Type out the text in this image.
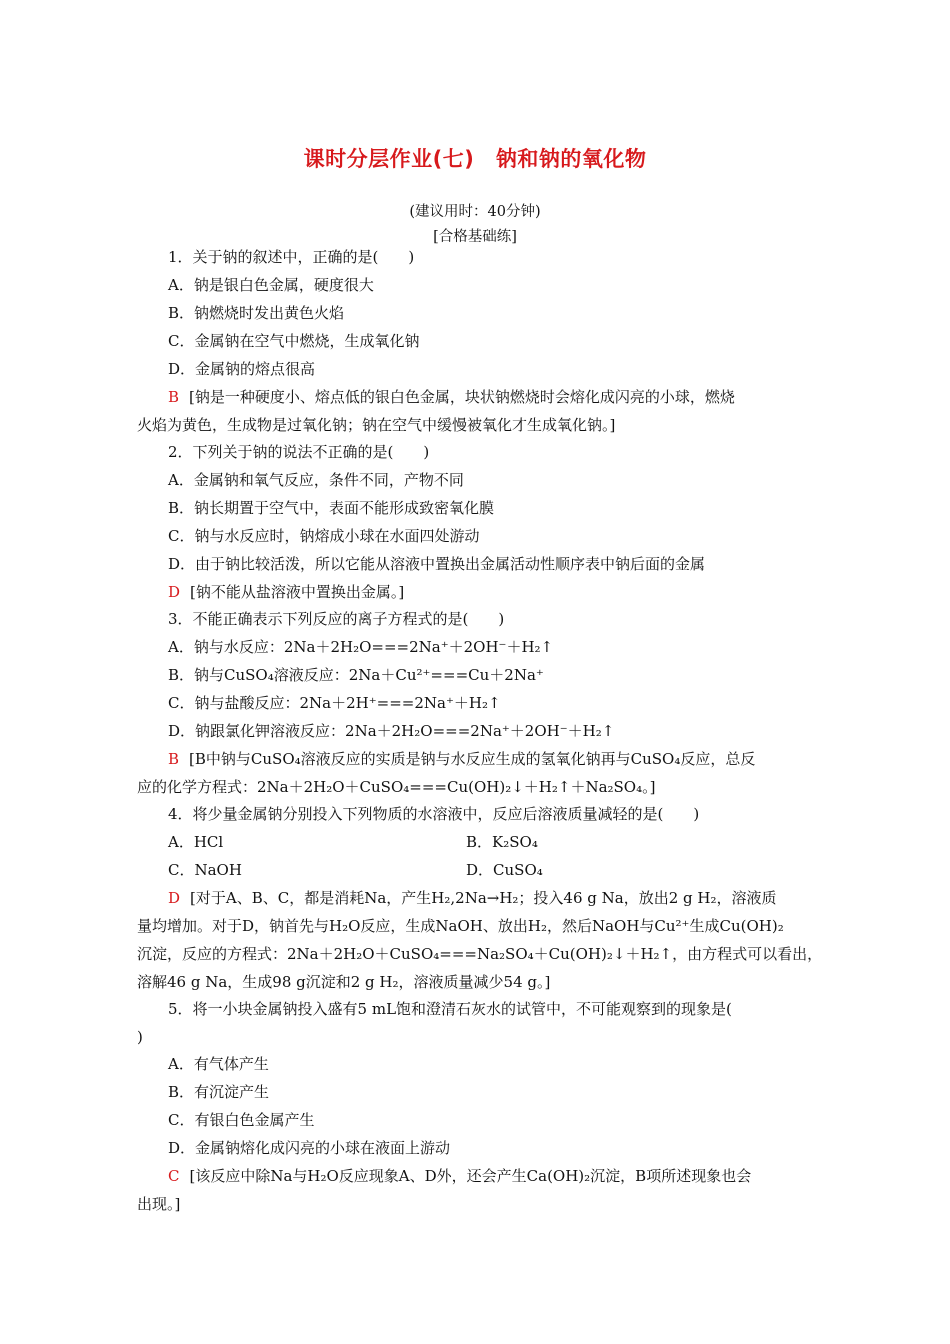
课时分层作业(七)　钠和钠的氧化物
(建议用时：40分钟)
[合格基础练]
1．关于钠的叙述中，正确的是(　　)
A．钠是银白色金属，硬度很大
B．钠燃烧时发出黄色火焰
C．金属钠在空气中燃烧，生成氧化钠
D．金属钠的熔点很高
B [钠是一种硬度小、熔点低的银白色金属，块状钠燃烧时会熔化成闪亮的小球，燃烧
火焰为黄色，生成物是过氧化钠；钠在空气中缓慢被氧化才生成氧化钠。]
2．下列关于钠的说法不正确的是(　　)
A．金属钠和氧气反应，条件不同，产物不同
B．钠长期置于空气中，表面不能形成致密氧化膜
C．钠与水反应时，钠熔成小球在水面四处游动
D．由于钠比较活泼，所以它能从溶液中置换出金属活动性顺序表中钠后面的金属
D [钠不能从盐溶液中置换出金属。]
3．不能正确表示下列反应的离子方程式的是(　　)
A．钠与水反应：2Na＋2H₂O===2Na⁺＋2OH⁻＋H₂↑
B．钠与CuSO₄溶液反应：2Na＋Cu²⁺===Cu＋2Na⁺
C．钠与盐酸反应：2Na＋2H⁺===2Na⁺＋H₂↑
D．钠跟氯化钾溶液反应：2Na＋2H₂O===2Na⁺＋2OH⁻＋H₂↑
B [B中钠与CuSO₄溶液反应的实质是钠与水反应生成的氢氧化钠再与CuSO₄反应，总反
应的化学方程式：2Na＋2H₂O＋CuSO₄===Cu(OH)₂↓＋H₂↑＋Na₂SO₄。]
4．将少量金属钠分别投入下列物质的水溶液中，反应后溶液质量减轻的是(　　)
A．HCl	B．K₂SO₄
C．NaOH	D．CuSO₄
D [对于A、B、C，都是消耗Na，产生H₂,2Na→H₂；投入46 g Na，放出2 g H₂，溶液质
量均增加。对于D，钠首先与H₂O反应，生成NaOH、放出H₂，然后NaOH与Cu²⁺生成Cu(OH)₂
沉淀，反应的方程式：2Na＋2H₂O＋CuSO₄===Na₂SO₄＋Cu(OH)₂↓＋H₂↑，由方程式可以看出，
溶解46 g Na，生成98 g沉淀和2 g H₂，溶液质量减少54 g。]
5．将一小块金属钠投入盛有5 mL饱和澄清石灰水的试管中，不可能观察到的现象是(
)
A．有气体产生
B．有沉淀产生
C．有银白色金属产生
D．金属钠熔化成闪亮的小球在液面上游动
C [该反应中除Na与H₂O反应现象A、D外，还会产生Ca(OH)₂沉淀，B项所述现象也会
出现。]
